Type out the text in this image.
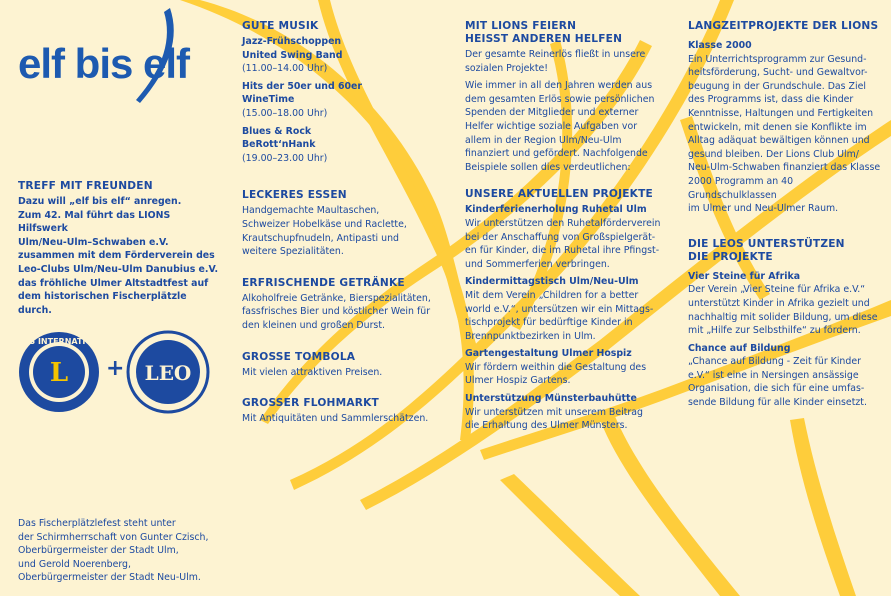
elf bis elf
TREFF MIT FREUNDEN

Dazu will „elf bis elf“ anregen.

Zum 42. Mal führt das LIONS Hilfswerk

Ulm/Neu-Ulm–Schwaben e.V.

zusammen mit dem Förderverein des

Leo-Clubs Ulm/Neu-Ulm Danubius e.V.

das fröhliche Ulmer Altstadtfest auf

dem historischen Fischerplätzle durch.

L
LIONS INTERNATIONAL
+ LEO

Das Fischerplätzlefest steht unter

der Schirmherrschaft von Gunter Czisch,

Oberbürgermeister der Stadt Ulm,

und Gerold Noerenberg,

Oberbürgermeister der Stadt Neu-Ulm.

GUTE MUSIK

Jazz-Frühschoppen

United Swing Band

(11.00–14.00 Uhr)

Hits der 50er und 60er

WineTime

(15.00–18.00 Uhr)

Blues & Rock

BeRott‘nHank

(19.00–23.00 Uhr)

LECKERES ESSEN

Handgemachte Maultaschen,

Schweizer Hobelkäse und Raclette,

Krautschupfnudeln, Antipasti und

weitere Spezialitäten.

ERFRISCHENDE GETRÄNKE

Alkoholfreie Getränke, Bierspezialitäten,

fassfrisches Bier und köstlicher Wein für

den kleinen und großen Durst.

GROSSE TOMBOLA

Mit vielen attraktiven Preisen.

GROSSER FLOHMARKT

Mit Antiquitäten und Sammlerschätzen.

MIT LIONS FEIERN
HEISST ANDEREN HELFEN

Der gesamte Reinerlös fließt in unsere

sozialen Projekte!

Wie immer in all den Jahren werden aus

dem gesamten Erlös sowie persönlichen

Spenden der Mitglieder und externer

Helfer wichtige soziale Aufgaben vor

allem in der Region Ulm/Neu-Ulm

finanziert und gefördert. Nachfolgende

Beispiele sollen dies verdeutlichen:

UNSERE AKTUELLEN PROJEKTE

Kinderferienerholung Ruhetal Ulm

Wir unterstützen den Ruhetalförderverein

bei der Anschaffung von Großspielgerät-

en für Kinder, die im Ruhetal ihre Pfingst-

und Sommerferien verbringen.

Kindermittagstisch Ulm/Neu-Ulm

Mit dem Verein „Children for a better

world e.V.“, untersützen wir ein Mittags-

tischprojekt für bedürftige Kinder in

Brennpunktbezirken in Ulm.

Gartengestaltung Ulmer Hospiz

Wir fördern weithin die Gestaltung des

Ulmer Hospiz Gartens.

Unterstützung Münsterbauhütte

Wir unterstützen mit unserem Beitrag

die Erhaltung des Ulmer Münsters.

LANGZEITPROJEKTE DER LIONS

Klasse 2000

Ein Unterrichtsprogramm zur Gesund-

heitsförderung, Sucht- und Gewaltvor-

beugung in der Grundschule. Das Ziel

des Programms ist, dass die Kinder

Kenntnisse, Haltungen und Fertigkeiten

entwickeln, mit denen sie Konflikte im

Alltag adäquat bewältigen können und

gesund bleiben. Der Lions Club Ulm/

Neu-Ulm-Schwaben finanziert das Klasse

2000 Programm an 40 Grundschulklassen

im Ulmer und Neu-Ulmer Raum.

DIE LEOS UNTERSTÜTZEN
DIE PROJEKTE

Vier Steine für Afrika

Der Verein „Vier Steine für Afrika e.V.“

unterstützt Kinder in Afrika gezielt und

nachhaltig mit solider Bildung, um diese

mit „Hilfe zur Selbsthilfe“ zu fördern.

Chance auf Bildung

„Chance auf Bildung - Zeit für Kinder

e.V.“ ist eine in Nersingen ansässige

Organisation, die sich für eine umfas-

sende Bildung für alle Kinder einsetzt.
